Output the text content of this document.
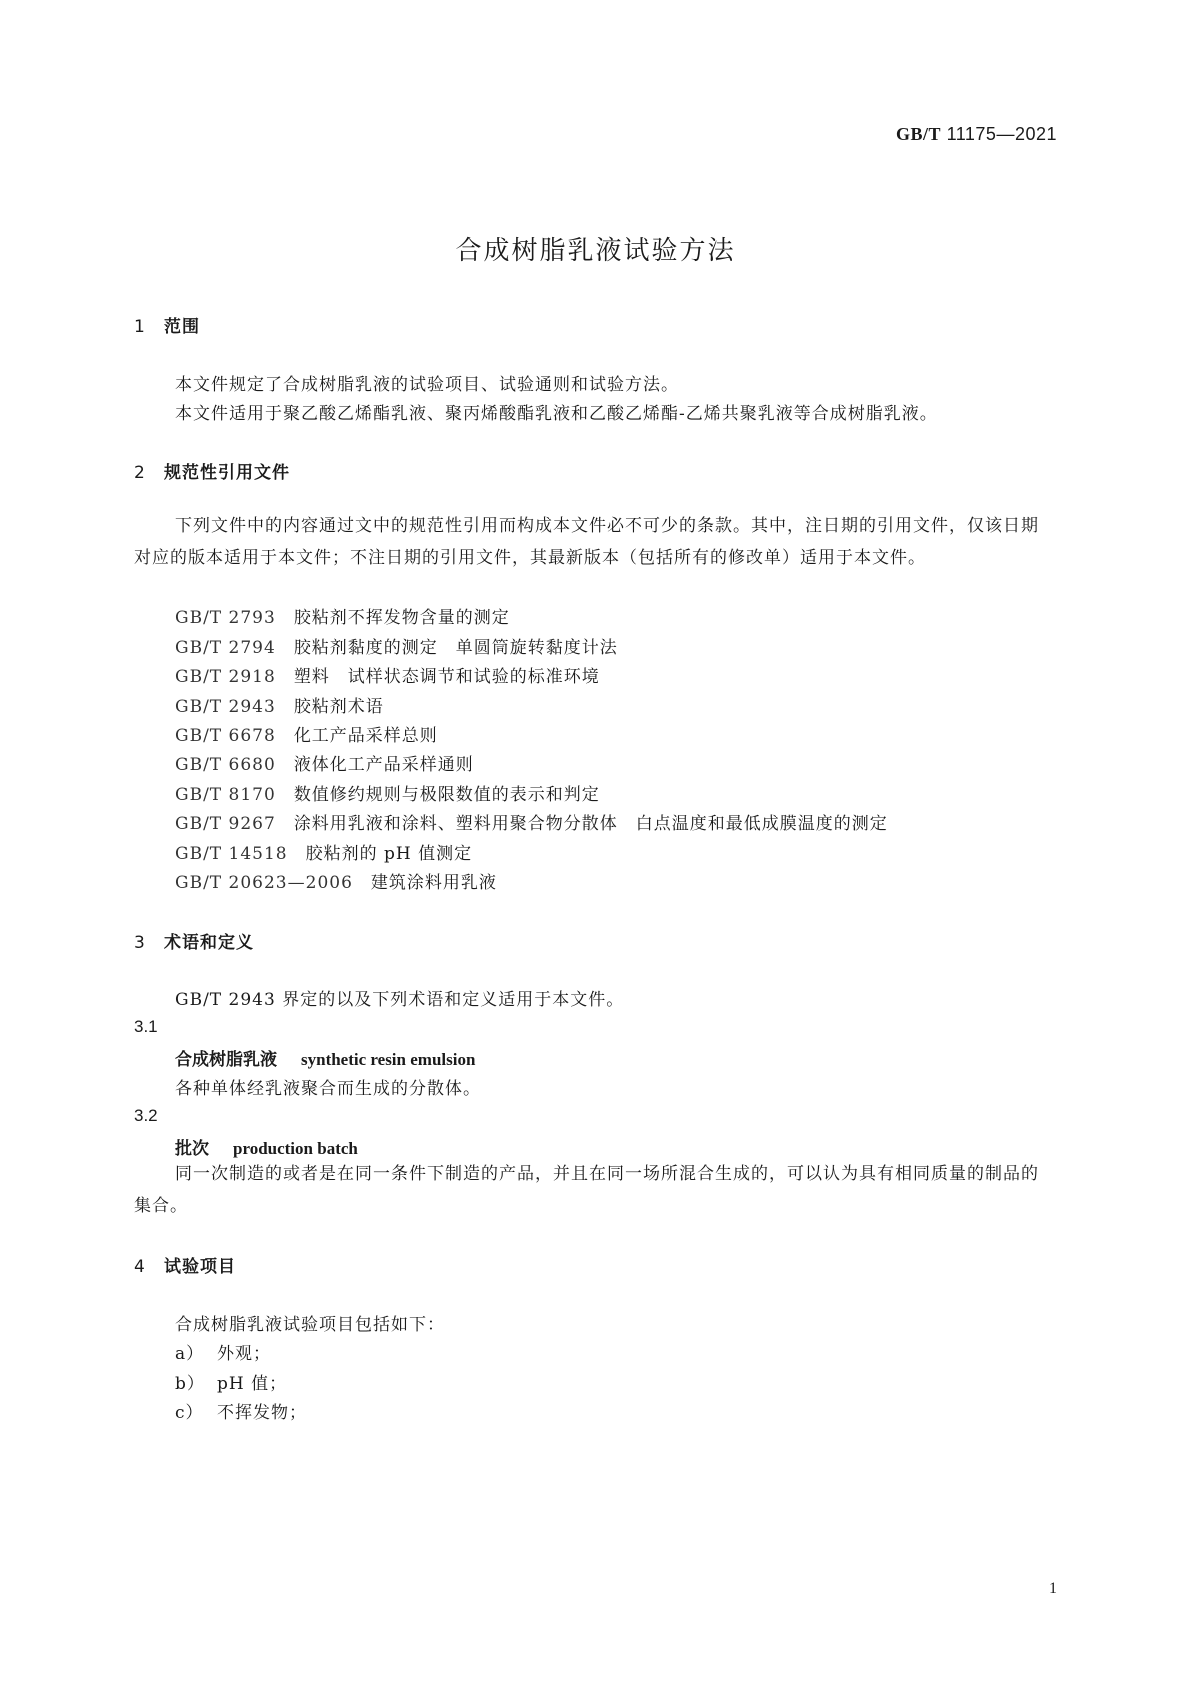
GB/T 11175—2021
合成树脂乳液试验方法
1 范围
本文件规定了合成树脂乳液的试验项目、试验通则和试验方法。
本文件适用于聚乙酸乙烯酯乳液、聚丙烯酸酯乳液和乙酸乙烯酯-乙烯共聚乳液等合成树脂乳液。
2 规范性引用文件
下列文件中的内容通过文中的规范性引用而构成本文件必不可少的条款。其中，注日期的引用文件，仅该日期对应的版本适用于本文件；不注日期的引用文件，其最新版本（包括所有的修改单）适用于本文件。
GB/T 2793 胶粘剂不挥发物含量的测定
GB/T 2794 胶粘剂黏度的测定　单圆筒旋转黏度计法
GB/T 2918 塑料　试样状态调节和试验的标准环境
GB/T 2943 胶粘剂术语
GB/T 6678 化工产品采样总则
GB/T 6680 液体化工产品采样通则
GB/T 8170 数值修约规则与极限数值的表示和判定
GB/T 9267 涂料用乳液和涂料、塑料用聚合物分散体　白点温度和最低成膜温度的测定
GB/T 14518 胶粘剂的 pH 值测定
GB/T 20623—2006 建筑涂料用乳液
3 术语和定义
GB/T 2943 界定的以及下列术语和定义适用于本文件。
3.1
合成树脂乳液 synthetic resin emulsion
各种单体经乳液聚合而生成的分散体。
3.2
批次 production batch
同一次制造的或者是在同一条件下制造的产品，并且在同一场所混合生成的，可以认为具有相同质量的制品的集合。
4 试验项目
合成树脂乳液试验项目包括如下：
a） 外观；
b） pH 值；
c） 不挥发物；
1
